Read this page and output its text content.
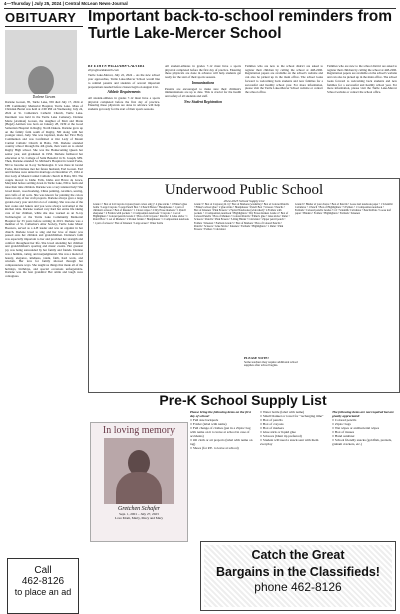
4—Thursday | July 25, 2024 | Central McLean News-Journal
OBITUARY
Darlene Gowen
Darlene Gowen, 85, Turtle Lake, ND died July 17, 2024 at CHI Community Memorial Hospital, Turtle Lake. Mass of Christian Burial was held at 2:00 PM on Wednesday, July 24, 2024 at St. Catherine's Catholic Church, Turtle Lake. Interment was held in the Turtle Lake Cemetery. Darlene Marie (Axtman) Gowen, the daughter of Matt and Marie (Hegel) Axtman was born on January 28, 1939 at the Good Samaritan Hospital in Rugby, North Dakota. Darlene grew up on the family farm south of Rugby, ND along with her younger sister, Judy. She was baptized, made her First Holy Communion and was Confirmed at Our Lady of Mount Carmel Catholic Church in Balta, ND. Darlene attended country school through the 4th grade, then went on to attend Rugby High school. She was the Homecoming Queen her senior year, and graduated in 1956. Darlene furthered her education at St. College of Saint Benedict in St. Joseph, MN. Then, Darlene attended St. Michael's Hospital in Grand Forks, ND to become an X-ray Technologist. It was there in Grand Forks, that Darlene met her future husband, Earl Gowen. Earl and Darlene were united in marriage on December 27, 1961 at Our Lady of Mount Carmel Catholic church in Balta, ND. The couple moved to Idaho Falls, Idaho and Havre de Grace, Maryland before settling down in Turtle Lake, ND to farm and raise their nine children. Darlene was a very talented lady! She loved music, woodworking, China painting, ceramics, sewing, and crafts of all sorts. She was known for painting the colors fiesta on any of her craft projects. Darlene always gave a large garden every year and did a lot of canning. She was one of the best cooks and bakers and you were always welcomed at the kitchen table. Darlene worked very hard her entire life taking care of her children, while she also worked as an X-ray Technologist at the Turtle Lake Community Memorial Hospital for 33 years before retiring in 2013. Darlene was a member of St. Catherine's Altar Society, Turtle Lake Music Boosters, served as a 4-H leader and was an organist in her church. Darlene loved to sing and her love of music was passed onto her children and grandchildren. Darlene's faith was especially important to her and provided her strength and comfort throughout her life. She loved attending her children and grandchildren's sporting and music events. Her greatest joy was being surrounded by her family and friends. Darlene was a humble, caring, and nonjudgmental. She was a model of beauty, elegance, kindness, talent, faith, hard work, and wisdom. Her love for family showed through her compassionate ways. She taught us things that made all of the holidays, birthdays, and special occasions unforgettable. Darlene was the best grandma! Her smile and laugh were contagious.
Call
462-8126
to place an ad
Important back-to-school reminders from Turtle Lake-Mercer School
BY ETHYN WILLIAMS-CALVERT
ethyn@nordaknorth.com
Turtle Lake-Mercer, July 22, 2024 – As the new school year approaches, Turtle Lake-Mercer School would like to remind parents and students of several important preparations needed before classes begin on August 21st.
Athletic Requirements
All student-athletes in grades 7-12 must have a sports physical completed before the first day of practice. Ensuring these physicals are done in advance will help students get ready for the start of their sports seasons.
All student-athletes in grades 7-12 must have a sports physical completed before the first day of practice. Ensuring these physicals are done in advance will help students get ready for the start of their sports seasons.
Immunizations
Parents are encouraged to make sure their children's immunizations are up to date. This is crucial for the health and safety of all students and staff.
New Student Registration
Families who are new to the school district are asked to register their children by calling the school at 448-2260. Registration papers are available on the school's website and can also be picked up in the main office. The school looks forward to welcoming back students and new families for a successful and healthy school year. For more information, please visit the Turtle Lake-Mercer School website or contact the school office.
Families who are new to the school district are asked to register their children by calling the school at 448-2260. Registration papers are available on the school's website and can also be picked up in the main office. The school looks forward to welcoming back students and new families for a successful and healthy school year. For more information, please visit the Turtle Lake-Mercer School website or contact the school office.
Underwood Public School
2024-2025 School Supply List
Grade 1 • Box of 24 Crayola crayons (basic colors only) • 4 glue sticks • 1 Elmer's glue bottle • Large Crayons • Large Pencil Box • 2 Pencil Boxes • Headphones • 1 pair of children's scissors • Box of Kleenex • 1 Clorox wipes • 2 Dry Erase markers • 1 Pencil sharpener • 2 Folders with pockets • 1 Composition notebook • Crayons • 1 set of Highlighters • Colored pencils Grade 2 • Box of 24 Crayons • Pencils • 4 Glue sticks • 1 Pencil Box • 1 set of Markers • 2 Pocket folders • Headphones • 1 Composition notebook • 1 pair of scissors • Box of Kleenex • Large eraser • Water bottle
Grade 3 • Box of Crayons (24 ct) • Box of Markers (washable) • Box of Colored Pencils • Elmer's school glue • 2 glue sticks • Headphones • Pencil Box • Scissors • Pencils • Box of Kleenex • Pink Erasers • 2 Spiral Notebooks (wide ruled) • 4 Folders with pockets • 1 Composition notebook • Highlighters • Dry Erase markers Grade 4 • Box of Colored Pencils • Box of Markers • Colored Pencils • Elmer's glue • Glue sticks • Ruler • Scissors • Pencils • Pink Erasers • 3-Ring Binder • Calculator • Zipper pencil pouch • Folders • Kleenex • Earbuds Grade 5 • Box of Markers • Box of Colored Pencils • Pencils • Scissors • Glue Sticks • Kleenex • Earbuds • Highlighters • 1 Ruler • Pink Erasers • Folders • Calculator
Grade 6 • Binder of your choice • Box of Pencils • Loose leaf notebook paper • 1 Scientific Calculator • 1 Pencil • Box of Highlighters • 5 Folders • 1 Composition notebook • Earbuds • Colored pencils Grades 7-12 • Scientific Calculator • Pencils/Pens • Loose leaf paper • Binders • Folders • Highlighters • Earbuds • Kleenex
PLEASE NOTE!
Some teachers may require additional school supplies after school begins.
Pre-K School Supply List
In loving memory
Gretchen Schafer
Sept. 1, 2001 – July 27, 2023
Love Mom, Marty, Macy and Mary
Please bring the following items on the first day of school:
□ Full size backpack
□ Folder (label with name)
□ Full change of clothes (put in a Ziploc bag with name on it to leave at school in case of accidents)
□ Oil cloth or art projects (label with name on tag)
□ Shoes (for P.E. to leave at school)
□ Water bottle (label with name)
□ Small blanket or towel for "recharging time"
□ Box of pencils
□ Box of crayons
□ Box of markers
□ Glue stick or liquid glue
□ Scissors (blunt tip preferred)
□ Student will need a snack sent with them everyday
The following items are not required but are greatly appreciated:
□ Colored pencils
□ Ziploc bags
□ Wet wipes or antibacterial wipes
□ Box of tissues
□ Hand sanitizer
□ School friendly snacks (goldfish, pretzels, graham crackers, etc.)
Catch the Great
Bargains in the Classifieds!
phone 462-8126
